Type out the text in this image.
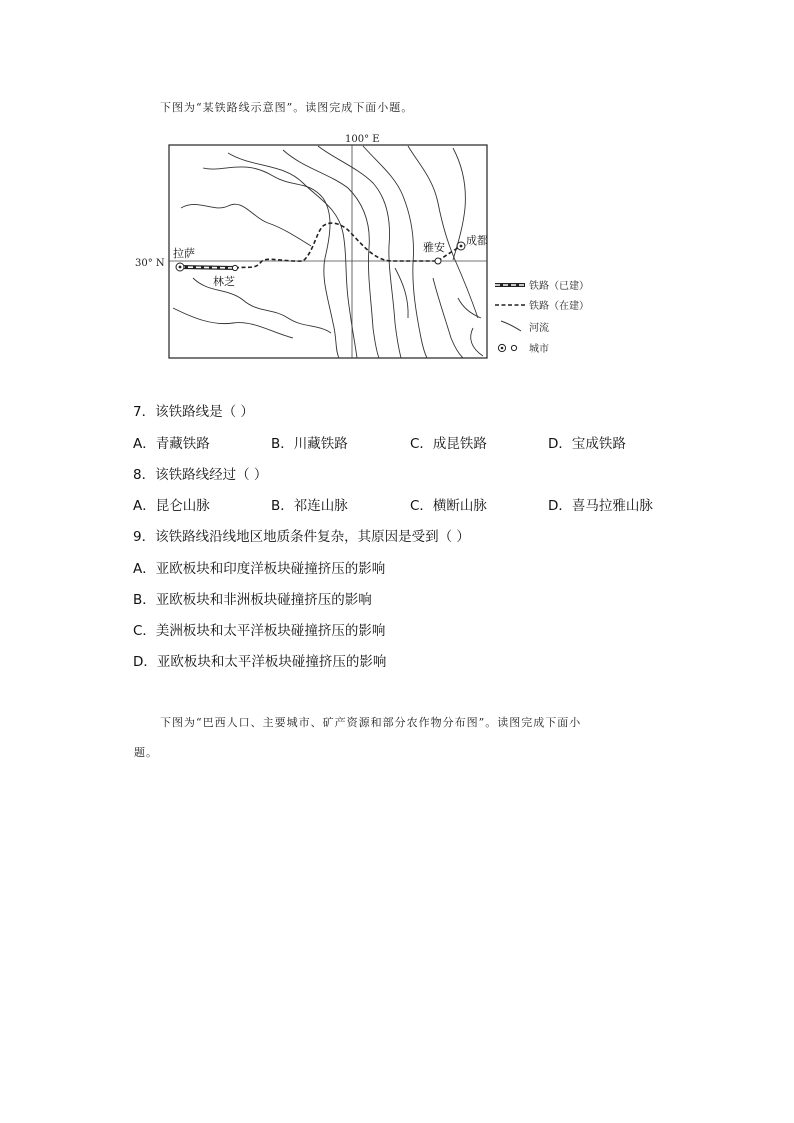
下图为“某铁路线示意图”。读图完成下面小题。
100° E
30° N
拉萨
林芝
雅安
成都
铁路（已建）
铁路（在建）
河流
城市
7．该铁路线是（ ）
A．青藏铁路	B．川藏铁路	C．成昆铁路	D．宝成铁路
8．该铁路线经过（ ）
A．昆仑山脉	B．祁连山脉	C．横断山脉	D．喜马拉雅山脉
9．该铁路线沿线地区地质条件复杂，其原因是受到（ ）
A．亚欧板块和印度洋板块碰撞挤压的影响
B．亚欧板块和非洲板块碰撞挤压的影响
C．美洲板块和太平洋板块碰撞挤压的影响
D．亚欧板块和太平洋板块碰撞挤压的影响
下图为“巴西人口、主要城市、矿产资源和部分农作物分布图”。读图完成下面小
题。
